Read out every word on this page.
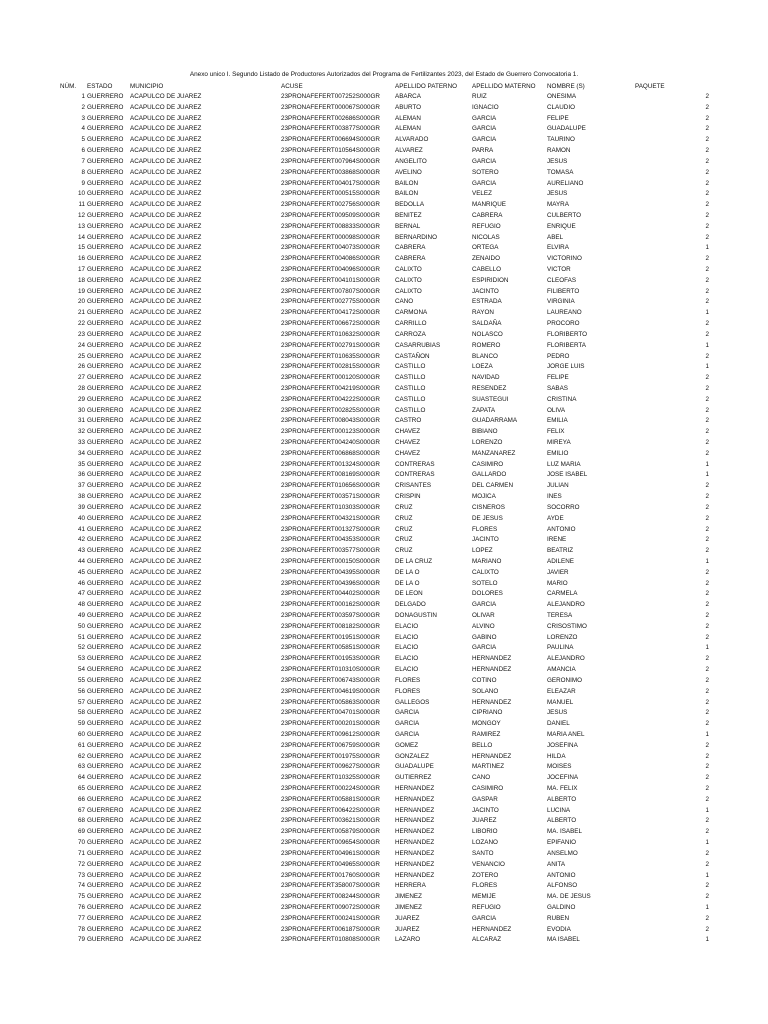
Anexo unico I. Segundo Listado de Productores Autorizados del Programa de Fertilizantes 2023, del Estado de Guerrero Convocatoria 1.
NÚM.	ESTADO	MUNICIPIO	ACUSE	APELLIDO PATERNO	APELLIDO MATERNO	NOMBRE (S)	PAQUETE
1	GUERRERO	ACAPULCO DE JUAREZ	23PRONAFEFERT007252S000GR	ABARCA	RUIZ	ONESIMA	2
2	GUERRERO	ACAPULCO DE JUAREZ	23PRONAFEFERT000067S000GR	ABURTO	IGNACIO	CLAUDIO	2
3	GUERRERO	ACAPULCO DE JUAREZ	23PRONAFEFERT002686S000GR	ALEMAN	GARCIA	FELIPE	2
4	GUERRERO	ACAPULCO DE JUAREZ	23PRONAFEFERT003877S000GR	ALEMAN	GARCIA	GUADALUPE	2
5	GUERRERO	ACAPULCO DE JUAREZ	23PRONAFEFERT006694S000GR	ALVARADO	GARCIA	TAURINO	2
6	GUERRERO	ACAPULCO DE JUAREZ	23PRONAFEFERT010564S000GR	ALVAREZ	PARRA	RAMON	2
7	GUERRERO	ACAPULCO DE JUAREZ	23PRONAFEFERT007964S000GR	ANGELITO	GARCIA	JESUS	2
8	GUERRERO	ACAPULCO DE JUAREZ	23PRONAFEFERT003868S000GR	AVELINO	SOTERO	TOMASA	2
9	GUERRERO	ACAPULCO DE JUAREZ	23PRONAFEFERT004017S000GR	BAILON	GARCIA	AURELIANO	2
10	GUERRERO	ACAPULCO DE JUAREZ	23PRONAFEFERT000515S000GR	BAILON	VELEZ	JESUS	2
11	GUERRERO	ACAPULCO DE JUAREZ	23PRONAFEFERT002756S000GR	BEDOLLA	MANRIQUE	MAYRA	2
12	GUERRERO	ACAPULCO DE JUAREZ	23PRONAFEFERT009509S000GR	BENITEZ	CABRERA	CULBERTO	2
13	GUERRERO	ACAPULCO DE JUAREZ	23PRONAFEFERT008833S000GR	BERNAL	REFUGIO	ENRIQUE	2
14	GUERRERO	ACAPULCO DE JUAREZ	23PRONAFEFERT000098S000GR	BERNARDINO	NICOLAS	ABEL	2
15	GUERRERO	ACAPULCO DE JUAREZ	23PRONAFEFERT004073S000GR	CABRERA	ORTEGA	ELVIRA	1
16	GUERRERO	ACAPULCO DE JUAREZ	23PRONAFEFERT004086S000GR	CABRERA	ZENAIDO	VICTORINO	2
17	GUERRERO	ACAPULCO DE JUAREZ	23PRONAFEFERT004096S000GR	CALIXTO	CABELLO	VICTOR	2
18	GUERRERO	ACAPULCO DE JUAREZ	23PRONAFEFERT004101S000GR	CALIXTO	ESPIRIDION	CLEOFAS	2
19	GUERRERO	ACAPULCO DE JUAREZ	23PRONAFEFERT007807S000GR	CALIXTO	JACINTO	FILIBERTO	2
20	GUERRERO	ACAPULCO DE JUAREZ	23PRONAFEFERT002775S000GR	CANO	ESTRADA	VIRGINIA	2
21	GUERRERO	ACAPULCO DE JUAREZ	23PRONAFEFERT004172S000GR	CARMONA	RAYON	LAUREANO	1
22	GUERRERO	ACAPULCO DE JUAREZ	23PRONAFEFERT006672S000GR	CARRILLO	SALDAÑA	PROCORO	2
23	GUERRERO	ACAPULCO DE JUAREZ	23PRONAFEFERT010632S000GR	CARROZA	NOLASCO	FLORIBERTO	2
24	GUERRERO	ACAPULCO DE JUAREZ	23PRONAFEFERT002791S000GR	CASARRUBIAS	ROMERO	FLORIBERTA	1
25	GUERRERO	ACAPULCO DE JUAREZ	23PRONAFEFERT010635S000GR	CASTAÑON	BLANCO	PEDRO	2
26	GUERRERO	ACAPULCO DE JUAREZ	23PRONAFEFERT002815S000GR	CASTILLO	LOEZA	JORGE LUIS	1
27	GUERRERO	ACAPULCO DE JUAREZ	23PRONAFEFERT000120S000GR	CASTILLO	NAVIDAD	FELIPE	2
28	GUERRERO	ACAPULCO DE JUAREZ	23PRONAFEFERT004219S000GR	CASTILLO	RESENDEZ	SABAS	2
29	GUERRERO	ACAPULCO DE JUAREZ	23PRONAFEFERT004222S000GR	CASTILLO	SUASTEGUI	CRISTINA	2
30	GUERRERO	ACAPULCO DE JUAREZ	23PRONAFEFERT002825S000GR	CASTILLO	ZAPATA	OLIVA	2
31	GUERRERO	ACAPULCO DE JUAREZ	23PRONAFEFERT008043S000GR	CASTRO	GUADARRAMA	EMILIA	2
32	GUERRERO	ACAPULCO DE JUAREZ	23PRONAFEFERT000123S000GR	CHAVEZ	BIBIANO	FELIX	2
33	GUERRERO	ACAPULCO DE JUAREZ	23PRONAFEFERT004240S000GR	CHAVEZ	LORENZO	MIREYA	2
34	GUERRERO	ACAPULCO DE JUAREZ	23PRONAFEFERT006868S000GR	CHAVEZ	MANZANAREZ	EMILIO	2
35	GUERRERO	ACAPULCO DE JUAREZ	23PRONAFEFERT001324S000GR	CONTRERAS	CASIMIRO	LUZ MARIA	1
36	GUERRERO	ACAPULCO DE JUAREZ	23PRONAFEFERT008169S000GR	CONTRERAS	GALLARDO	JOSE ISABEL	1
37	GUERRERO	ACAPULCO DE JUAREZ	23PRONAFEFERT010656S000GR	CRISANTES	DEL CARMEN	JULIAN	2
38	GUERRERO	ACAPULCO DE JUAREZ	23PRONAFEFERT003571S000GR	CRISPIN	MOJICA	INES	2
39	GUERRERO	ACAPULCO DE JUAREZ	23PRONAFEFERT010303S000GR	CRUZ	CISNEROS	SOCORRO	2
40	GUERRERO	ACAPULCO DE JUAREZ	23PRONAFEFERT004321S000GR	CRUZ	DE JESUS	AYDE	2
41	GUERRERO	ACAPULCO DE JUAREZ	23PRONAFEFERT001327S000GR	CRUZ	FLORES	ANTONIO	2
42	GUERRERO	ACAPULCO DE JUAREZ	23PRONAFEFERT004353S000GR	CRUZ	JACINTO	IRENE	2
43	GUERRERO	ACAPULCO DE JUAREZ	23PRONAFEFERT003577S000GR	CRUZ	LOPEZ	BEATRIZ	2
44	GUERRERO	ACAPULCO DE JUAREZ	23PRONAFEFERT000150S000GR	DE LA CRUZ	MARIANO	ADILENE	1
45	GUERRERO	ACAPULCO DE JUAREZ	23PRONAFEFERT004395S000GR	DE LA O	CALIXTO	JAVIER	2
46	GUERRERO	ACAPULCO DE JUAREZ	23PRONAFEFERT004396S000GR	DE LA O	SOTELO	MARIO	2
47	GUERRERO	ACAPULCO DE JUAREZ	23PRONAFEFERT004402S000GR	DE LEON	DOLORES	CARMELA	2
48	GUERRERO	ACAPULCO DE JUAREZ	23PRONAFEFERT000162S000GR	DELGADO	GARCIA	ALEJANDRO	2
49	GUERRERO	ACAPULCO DE JUAREZ	23PRONAFEFERT003597S000GR	DONAGUSTIN	OLIVAR	TERESA	2
50	GUERRERO	ACAPULCO DE JUAREZ	23PRONAFEFERT008182S000GR	ELACIO	ALVINO	CRISOSTIMO	2
51	GUERRERO	ACAPULCO DE JUAREZ	23PRONAFEFERT001951S000GR	ELACIO	GABINO	LORENZO	2
52	GUERRERO	ACAPULCO DE JUAREZ	23PRONAFEFERT005851S000GR	ELACIO	GARCIA	PAULINA	1
53	GUERRERO	ACAPULCO DE JUAREZ	23PRONAFEFERT001953S000GR	ELACIO	HERNANDEZ	ALEJANDRO	2
54	GUERRERO	ACAPULCO DE JUAREZ	23PRONAFEFERT010310S000GR	ELACIO	HERNANDEZ	AMANCIA	2
55	GUERRERO	ACAPULCO DE JUAREZ	23PRONAFEFERT006743S000GR	FLORES	COTINO	GERONIMO	2
56	GUERRERO	ACAPULCO DE JUAREZ	23PRONAFEFERT004619S000GR	FLORES	SOLANO	ELEAZAR	2
57	GUERRERO	ACAPULCO DE JUAREZ	23PRONAFEFERT005863S000GR	GALLEGOS	HERNANDEZ	MANUEL	2
58	GUERRERO	ACAPULCO DE JUAREZ	23PRONAFEFERT004701S000GR	GARCIA	CIPRIANO	JESUS	2
59	GUERRERO	ACAPULCO DE JUAREZ	23PRONAFEFERT000201S000GR	GARCIA	MONGOY	DANIEL	2
60	GUERRERO	ACAPULCO DE JUAREZ	23PRONAFEFERT009612S000GR	GARCIA	RAMIREZ	MARIA ANEL	1
61	GUERRERO	ACAPULCO DE JUAREZ	23PRONAFEFERT006759S000GR	GOMEZ	BELLO	JOSEFINA	2
62	GUERRERO	ACAPULCO DE JUAREZ	23PRONAFEFERT001975S000GR	GONZALEZ	HERNANDEZ	HILDA	2
63	GUERRERO	ACAPULCO DE JUAREZ	23PRONAFEFERT009627S000GR	GUADALUPE	MARTINEZ	MOISES	2
64	GUERRERO	ACAPULCO DE JUAREZ	23PRONAFEFERT010325S000GR	GUTIERREZ	CANO	JOCEFINA	2
65	GUERRERO	ACAPULCO DE JUAREZ	23PRONAFEFERT000224S000GR	HERNANDEZ	CASIMIRO	MA. FELIX	2
66	GUERRERO	ACAPULCO DE JUAREZ	23PRONAFEFERT005881S000GR	HERNANDEZ	GASPAR	ALBERTO	2
67	GUERRERO	ACAPULCO DE JUAREZ	23PRONAFEFERT006422S000GR	HERNANDEZ	JACINTO	LUCINA	1
68	GUERRERO	ACAPULCO DE JUAREZ	23PRONAFEFERT003621S000GR	HERNANDEZ	JUAREZ	ALBERTO	2
69	GUERRERO	ACAPULCO DE JUAREZ	23PRONAFEFERT005879S000GR	HERNANDEZ	LIBORIO	MA. ISABEL	2
70	GUERRERO	ACAPULCO DE JUAREZ	23PRONAFEFERT009654S000GR	HERNANDEZ	LOZANO	EPIFANIO	1
71	GUERRERO	ACAPULCO DE JUAREZ	23PRONAFEFERT004961S000GR	HERNANDEZ	SANTO	ANSELMO	2
72	GUERRERO	ACAPULCO DE JUAREZ	23PRONAFEFERT004965S000GR	HERNANDEZ	VENANCIO	ANITA	2
73	GUERRERO	ACAPULCO DE JUAREZ	23PRONAFEFERT001760S000GR	HERNANDEZ	ZOTERO	ANTONIO	1
74	GUERRERO	ACAPULCO DE JUAREZ	23PRONAFEFERT358007S000GR	HERRERA	FLORES	ALFONSO	2
75	GUERRERO	ACAPULCO DE JUAREZ	23PRONAFEFERT008244S000GR	JIMENEZ	MEMIJE	MA. DE JESUS	2
76	GUERRERO	ACAPULCO DE JUAREZ	23PRONAFEFERT009072S000GR	JIMENEZ	REFUGIO	GALDINO	1
77	GUERRERO	ACAPULCO DE JUAREZ	23PRONAFEFERT000241S000GR	JUAREZ	GARCIA	RUBEN	2
78	GUERRERO	ACAPULCO DE JUAREZ	23PRONAFEFERT006187S000GR	JUAREZ	HERNANDEZ	EVODIA	2
79	GUERRERO	ACAPULCO DE JUAREZ	23PRONAFEFERT010808S000GR	LAZARO	ALCARAZ	MA ISABEL	1
